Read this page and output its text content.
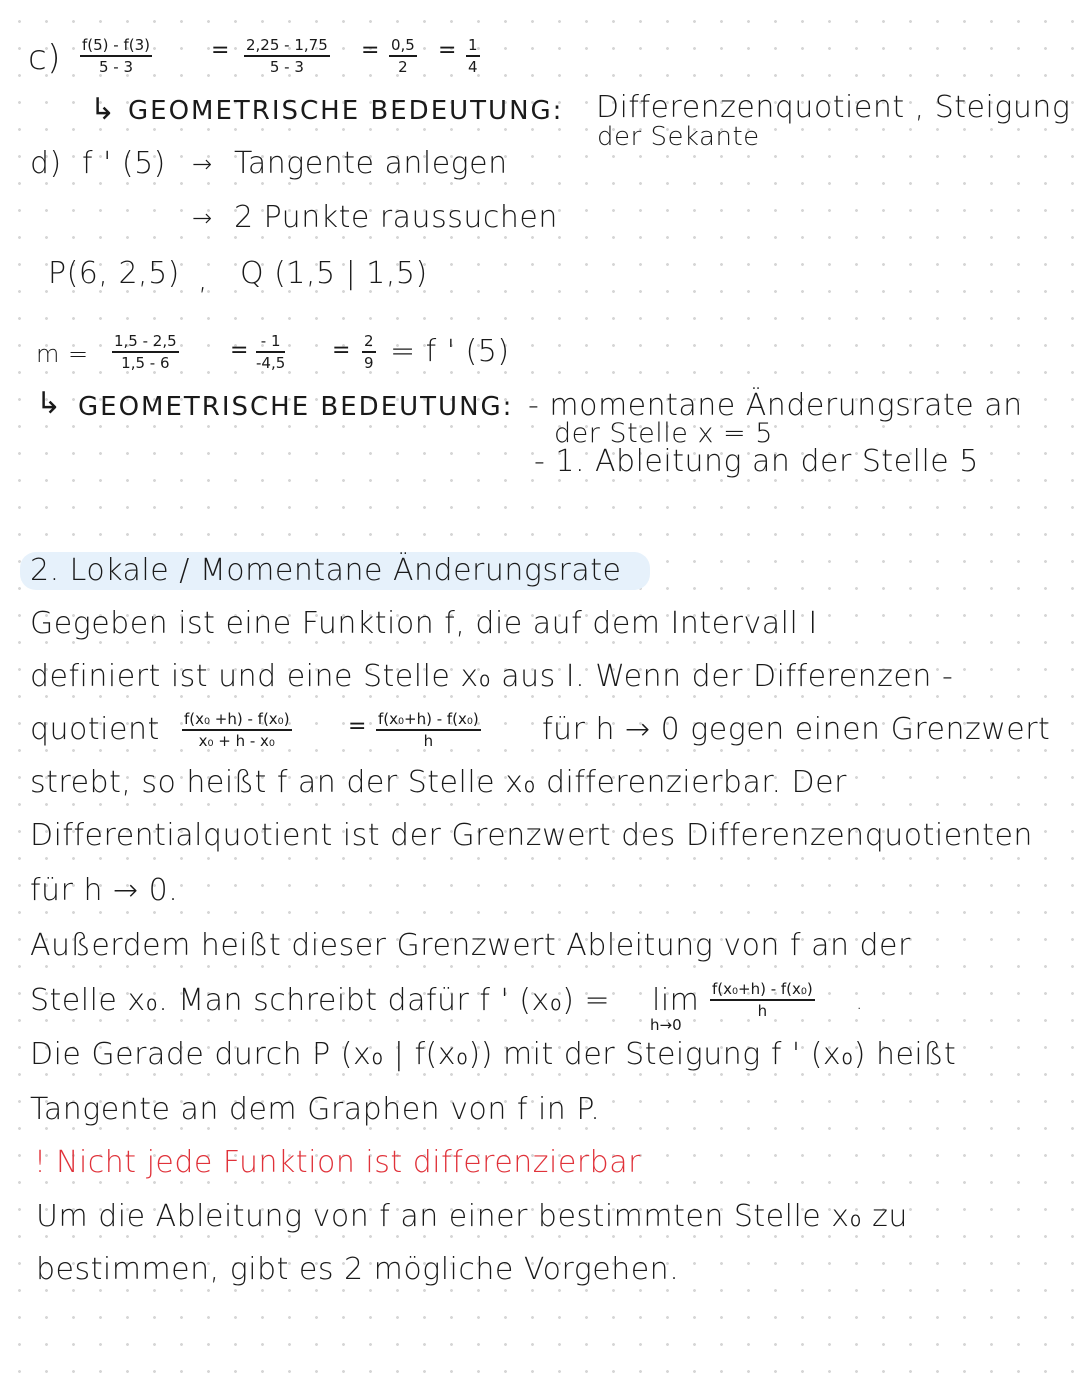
$c) \frac{f(5) - f(3)}{5 - 3}$	= $\frac{2,25 - 1,75}{5 - 3} = \frac{0,5}{2} = \frac{1}{4}$
↳ GEOMETRISCHE BEDEUTUNG: Differenzenquotient , Steigung
der Sekante
d) f ' (5) → Tangente anlegen
→ 2 Punkte raussuchen
P(6, 2,5) , Q (1,5 | 1,5)
$m = \frac{1,5 - 2,5}{1,5 - 6} = \frac{- 1}{-4,5} = \frac{2}{9} = f$ ' (5)
↳ GEOMETRISCHE BEDEUTUNG: - momentane Änderungsrate an
der Stelle x = 5
- 1. Ableitung an der Stelle 5
2. Lokale / Momentane Änderungsrate
Gegeben ist eine Funktion f, die auf dem Intervall I
definiert ist und eine Stelle x₀ aus I. Wenn der Differenzen -
quotient $\frac{\text{f(x₀ +h) - f(x₀)}}{\text{x₀ + h - x₀}}$	= $\frac{\text{f(x₀+h) - f(x₀)}}{h}$ für h → 0 gegen einen Grenzwert
strebt, so heißt f an der Stelle x₀ differenzierbar. Der
Differentialquotient ist der Grenzwert des Differenzenquotienten
für h → 0.
Außerdem heißt dieser Grenzwert Ableitung von f an der
Stelle x₀. Man schreibt dafür f ' (x₀) = lim
h→0
$\frac{\text{f(x₀+h) - f(x₀)}}{h}$ .
Die Gerade durch P (x₀ | f(x₀)) mit der Steigung f ' (x₀) heißt
Tangente an dem Graphen von f in P.
! Nicht jede Funktion ist differenzierbar
Um die Ableitung von f an einer bestimmten Stelle x₀ zu
bestimmen, gibt es 2 mögliche Vorgehen.
